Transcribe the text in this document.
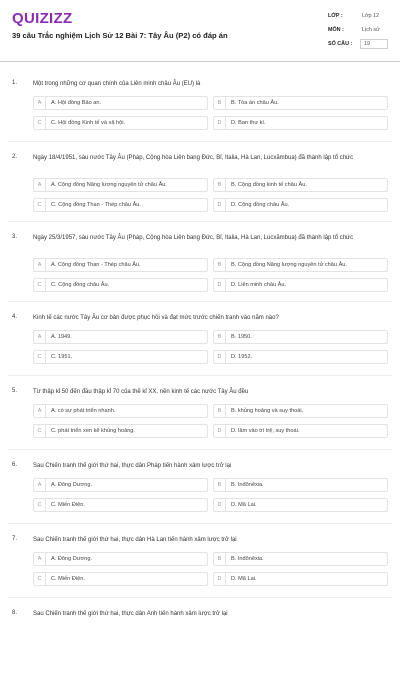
QUIZIZZ
39 câu Trắc nghiệm Lịch Sử 12 Bài 7: Tây Âu (P2) có đáp án
LỚP :	Lớp 12
MÔN :	Lịch sử
SỐ CÂU :	19
1.	Một trong những cơ quan chính của Liên minh châu Âu (EU) là
A	A. Hội đồng Bảo an.	B	B. Tòa án châu Âu.
C	C. Hội đồng Kinh tế và xã hội.	D	D. Ban thư kí.
2.	Ngày 18/4/1951, sáu nước Tây Âu (Pháp, Cộng hòa Liên bang Đức, Bỉ, Italia, Hà Lan, Lúcxămbua) đã thành lập tổ chức
A	A. Cộng đồng Năng lượng nguyên tử châu Âu.	B	B. Cộng đồng kinh tế châu Âu.
C	C. Cộng đồng Than - Thép châu Âu.	D	D. Cộng đồng châu Âu.
3.	Ngày 25/3/1957, sáu nước Tây Âu (Pháp, Cộng hòa Liên bang Đức, Bỉ, Italia, Hà Lan, Lúcxămbua) đã thành lập tổ chức
A	A. Cộng đồng Than - Thép châu Âu.	B	B. Cộng đồng Năng lượng nguyên tử châu Âu.
C	C. Cộng đồng châu Âu.	D	D. Liên minh châu Âu.
4.	Kinh tế các nước Tây Âu cơ bản được phục hồi và đạt mức trước chiến tranh vào năm nào?
A	A. 1949.	B	B. 1950.
C	C. 1951.	D	D. 1952.
5.	Từ thập kỉ 50 đến đầu thập kỉ 70 của thế kỉ XX, nền kinh tế các nước Tây Âu đều
A	A. có sự phát triển nhanh.	B	B. khủng hoảng và suy thoái.
C	C. phát triển xen kẽ khủng hoảng.	D	D. lâm vào trì trệ, suy thoái.
6.	Sau Chiến tranh thế giới thứ hai, thực dân Pháp tiến hành xâm lược trở lại
A	A. Đông Dương.	B	B. Inđônêxia.
C	C. Miến Điện.	D	D. Mã Lai.
7.	Sau Chiến tranh thế giới thứ hai, thực dân Hà Lan tiến hành xâm lược trở lại
A	A. Đông Dương.	B	B. Inđônêxia.
C	C. Miến Điện.	D	D. Mã Lai.
8.	Sau Chiến tranh thế giới thứ hai, thực dân Anh tiến hành xâm lược trở lại
